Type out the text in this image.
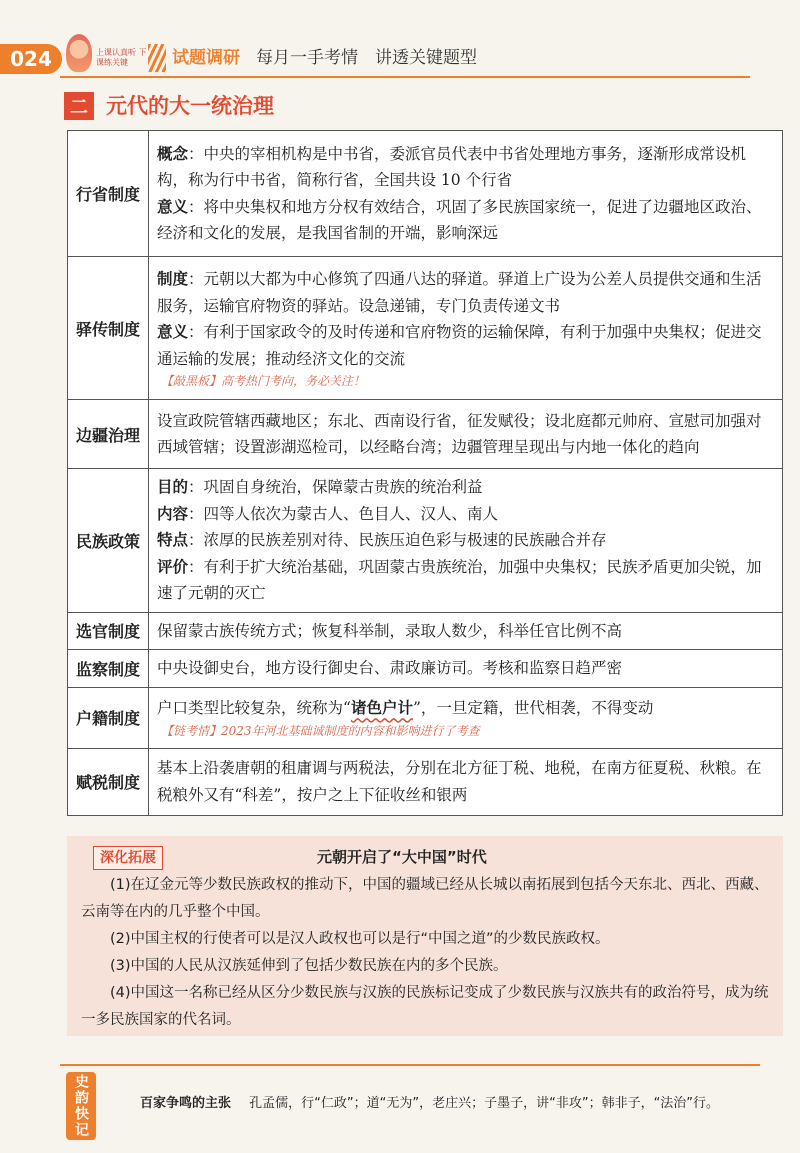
024	上课认真听 下课练关键	试题调研 每月一手考情　讲透关键题型
二 元代的大一统治理
行省制度	概念：中央的宰相机构是中书省，委派官员代表中书省处理地方事务，逐渐形成常设机构，称为行中书省，简称行省，全国共设 10 个行省
意义：将中央集权和地方分权有效结合，巩固了多民族国家统一，促进了边疆地区政治、经济和文化的发展，是我国省制的开端，影响深远

驿传制度	制度：元朝以大都为中心修筑了四通八达的驿道。驿道上广设为公差人员提供交通和生活服务，运输官府物资的驿站。设急递铺，专门负责传递文书
意义：有利于国家政令的及时传递和官府物资的运输保障，有利于加强中央集权；促进交通运输的发展；推动经济文化的交流
【敲黑板】高考热门考向，务必关注！

边疆治理	设宣政院管辖西藏地区；东北、西南设行省，征发赋役；设北庭都元帅府、宣慰司加强对西域管辖；设置澎湖巡检司，以经略台湾；边疆管理呈现出与内地一体化的趋向
民族政策	目的：巩固自身统治，保障蒙古贵族的统治利益
内容：四等人依次为蒙古人、色目人、汉人、南人
特点：浓厚的民族差别对待、民族压迫色彩与极速的民族融合并存
评价：有利于扩大统治基础，巩固蒙古贵族统治，加强中央集权；民族矛盾更加尖锐，加速了元朝的灭亡

选官制度	保留蒙古族传统方式；恢复科举制，录取人数少，科举任官比例不高
监察制度	中央设御史台，地方设行御史台、肃政廉访司。考核和监察日趋严密
户籍制度	户口类型比较复杂，统称为“诸色户计”，一旦定籍，世代相袭，不得变动
【链考情】2023年河北基础诚制度的内容和影响进行了考查

赋税制度	基本上沿袭唐朝的租庸调与两税法，分别在北方征丁税、地税，在南方征夏税、秋粮。在税粮外又有“科差”，按户之上下征收丝和银两
深化拓展	元朝开启了“大中国”时代

(1)在辽金元等少数民族政权的推动下，中国的疆域已经从长城以南拓展到包括今天东北、西北、西藏、云南等在内的几乎整个中国。

(2)中国主权的行使者可以是汉人政权也可以是行“中国之道”的少数民族政权。

(3)中国的人民从汉族延伸到了包括少数民族在内的多个民族。

(4)中国这一名称已经从区分少数民族与汉族的民族标记变成了少数民族与汉族共有的政治符号，成为统一多民族国家的代名词。

史韵快记	百家争鸣的主张 孔孟儒，行“仁政”；道“无为”，老庄兴；子墨子，讲“非攻”；韩非子，“法治”行。
